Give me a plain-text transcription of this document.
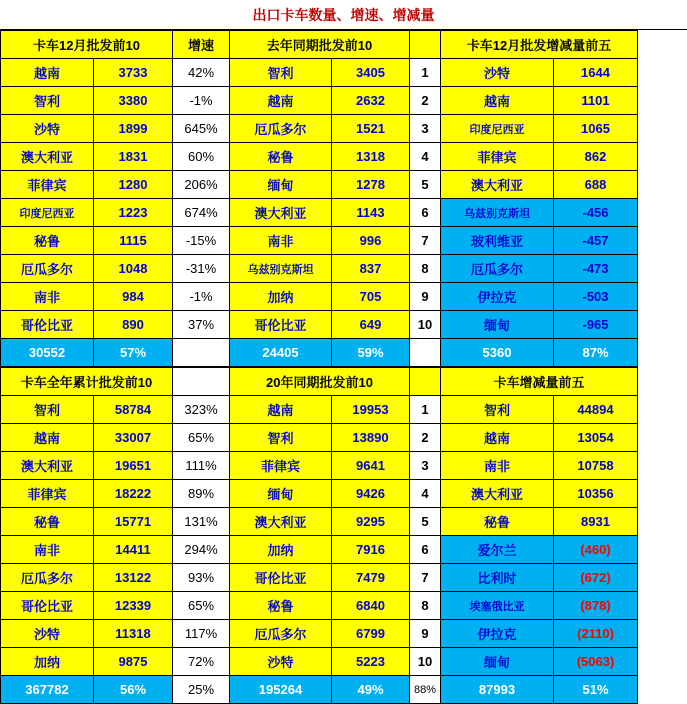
出口卡车数量、增速、增减量
卡车12月批发前10		增速	去年同期批发前10			卡车12月批发增减量前五	
越南	3733	42%	智利	3405	1	沙特	1644
智利	3380	-1%	越南	2632	2	越南	1101
沙特	1899	645%	厄瓜多尔	1521	3	印度尼西亚	1065
澳大利亚	1831	60%	秘鲁	1318	4	菲律宾	862
菲律宾	1280	206%	缅甸	1278	5	澳大利亚	688
印度尼西亚	1223	674%	澳大利亚	1143	6	乌兹别克斯坦	-456
秘鲁	1115	-15%	南非	996	7	玻利维亚	-457
厄瓜多尔	1048	-31%	乌兹别克斯坦	837	8	厄瓜多尔	-473
南非	984	-1%	加纳	705	9	伊拉克	-503
哥伦比亚	890	37%	哥伦比亚	649	10	缅甸	-965
30552	57%		24405	59%		5360	87%
卡车全年累计批发前10			20年同期批发前10			卡车增减量前五	
智利	58784	323%	越南	19953	1	智利	44894
越南	33007	65%	智利	13890	2	越南	13054
澳大利亚	19651	111%	菲律宾	9641	3	南非	10758
菲律宾	18222	89%	缅甸	9426	4	澳大利亚	10356
秘鲁	15771	131%	澳大利亚	9295	5	秘鲁	8931
南非	14411	294%	加纳	7916	6	爱尔兰	(460)
厄瓜多尔	13122	93%	哥伦比亚	7479	7	比利时	(672)
哥伦比亚	12339	65%	秘鲁	6840	8	埃塞俄比亚	(878)
沙特	11318	117%	厄瓜多尔	6799	9	伊拉克	(2110)
加纳	9875	72%	沙特	5223	10	缅甸	(5063)
367782	56%	25%	195264	49%	88%	87993	51%
